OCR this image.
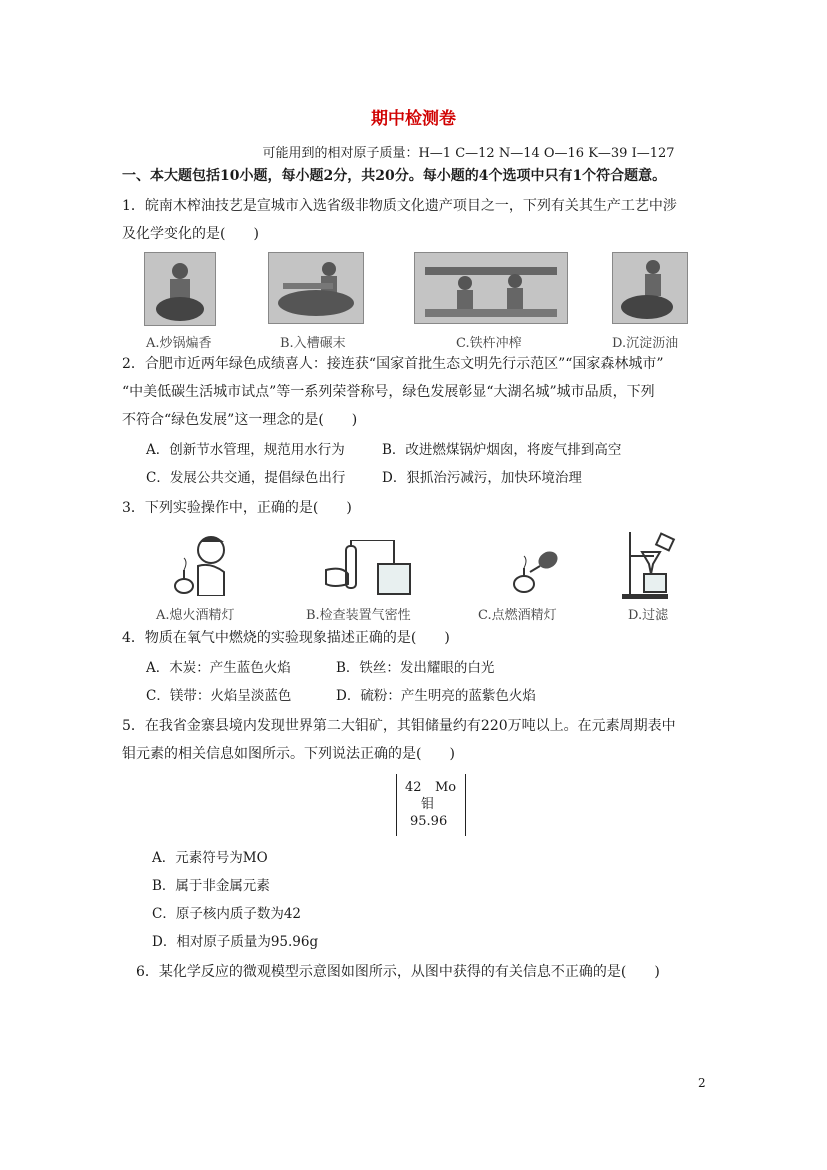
期中检测卷
可能用到的相对原子质量：H—1 C—12 N—14 O—16 K—39 I—127
一、本大题包括10小题，每小题2分，共20分。每小题的4个选项中只有1个符合题意。
1．皖南木榨油技艺是宣城市入选省级非物质文化遗产项目之一，下列有关其生产工艺中涉
及化学变化的是(　　)
A.炒锅煸香	B.入槽碾末	C.铁杵冲榨	D.沉淀沥油
2．合肥市近两年绿色成绩喜人：接连获“国家首批生态文明先行示范区”“国家森林城市”
“中美低碳生活城市试点”等一系列荣誉称号，绿色发展彰显“大湖名城”城市品质，下列
不符合“绿色发展”这一理念的是(　　)
A．创新节水管理，规范用水行为	B．改进燃煤锅炉烟囱，将废气排到高空
C．发展公共交通，提倡绿色出行	D．狠抓治污减污，加快环境治理
3．下列实验操作中，正确的是(　　)
A.熄火酒精灯	B.检查装置气密性	C.点燃酒精灯	D.过滤
4．物质在氧气中燃烧的实验现象描述正确的是(　　)
A．木炭：产生蓝色火焰	B．铁丝：发出耀眼的白光
C．镁带：火焰呈淡蓝色	D．硫粉：产生明亮的蓝紫色火焰
5．在我省金寨县境内发现世界第二大钼矿，其钼储量约有220万吨以上。在元素周期表中
钼元素的相关信息如图所示。下列说法正确的是(　　)
42 Mo
钼
95.96
A．元素符号为MO
B．属于非金属元素
C．原子核内质子数为42
D．相对原子质量为95.96g
6．某化学反应的微观模型示意图如图所示，从图中获得的有关信息不正确的是(　　)
2
